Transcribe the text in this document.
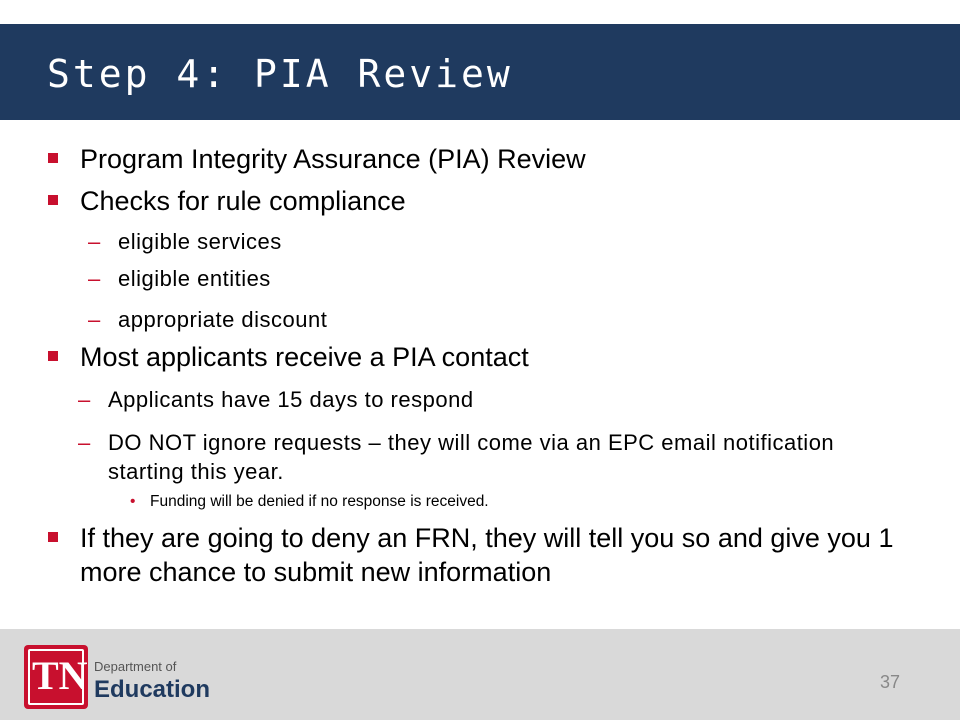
Step 4: PIA Review
Program Integrity Assurance (PIA) Review
Checks for rule compliance
– eligible services
– eligible entities
– appropriate discount
Most applicants receive a PIA contact
– Applicants have 15 days to respond
– DO NOT ignore requests – they will come via an EPC email notification starting this year.
• Funding will be denied if no response is received.
If they are going to deny an FRN, they will tell you so and give you 1 more chance to submit new information
TN Department of
Education	37
